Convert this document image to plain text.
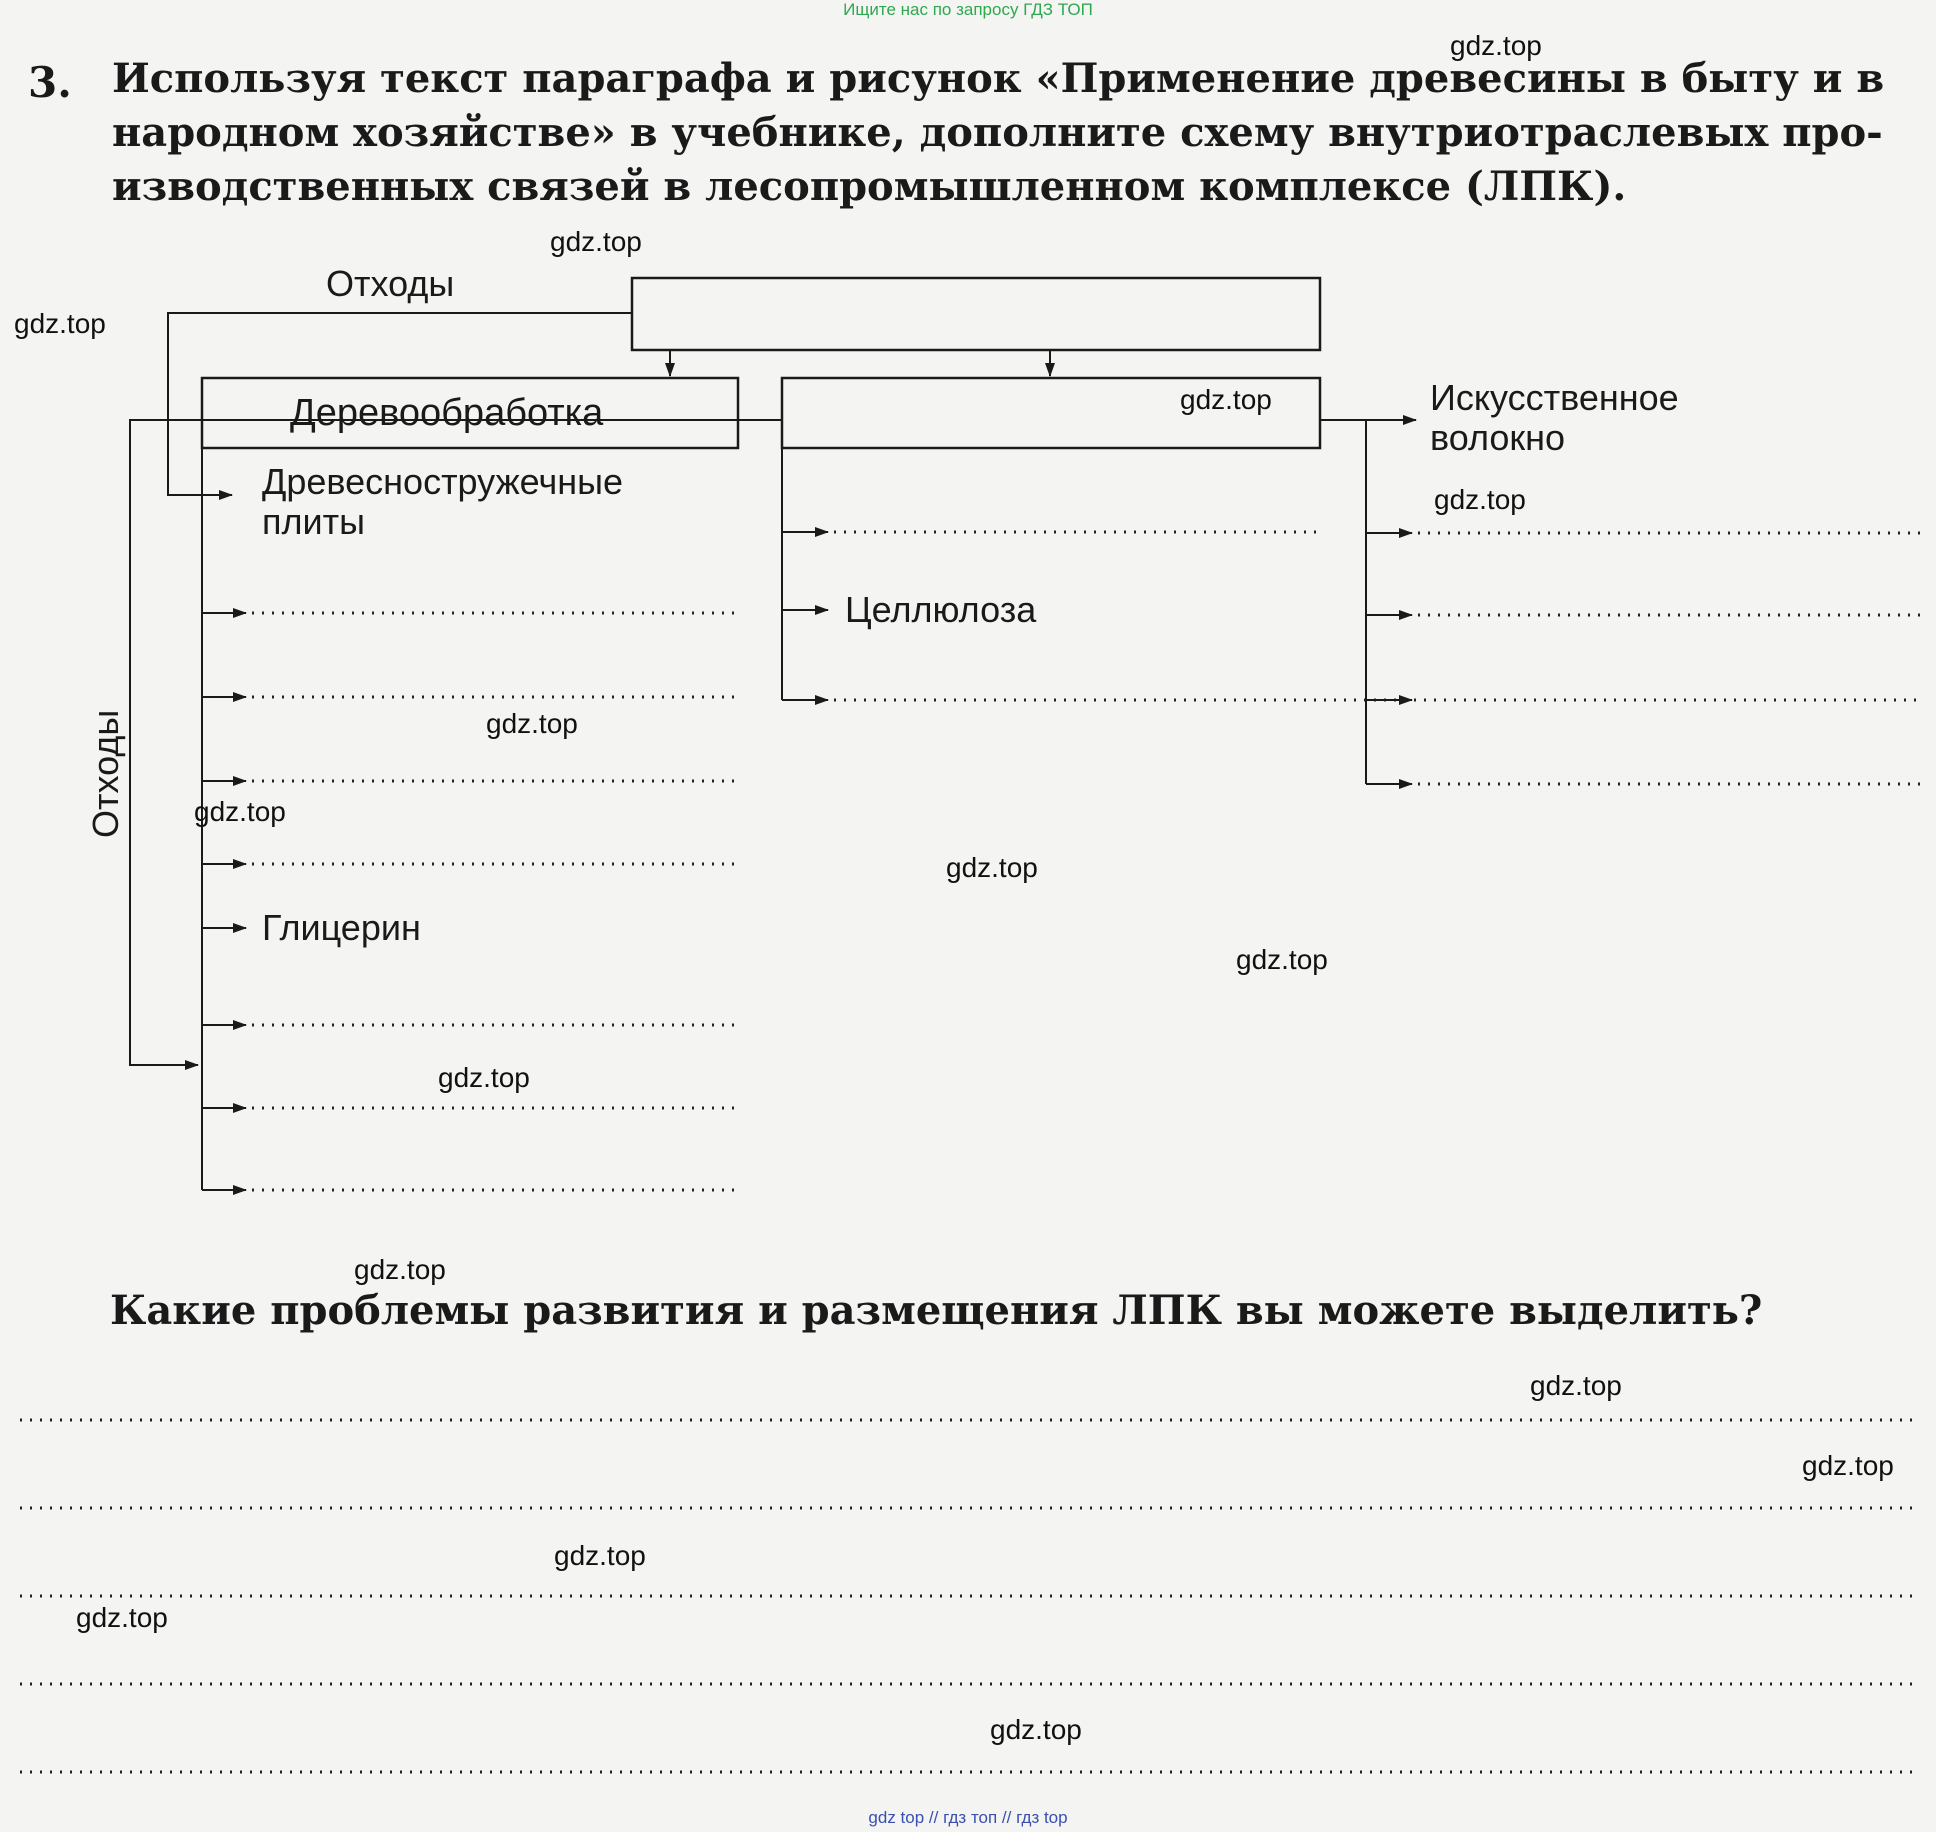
Ищите нас по запросу ГДЗ ТОП
3. Используя текст параграфа и рисунок «Применение древесины в быту и в
народном хозяйстве» в учебнике, дополните схему внутриотраслевых про-
изводственных связей в лесопромышленном комплексе (ЛПК).
Отходы
Деревообработка
Древесностружечные
плиты
Глицерин
Отходы
Целлюлоза
Искусственное
волокно
Какие проблемы развития и размещения ЛПК вы можете выделить?
gdz.top
gdz.top
gdz.top
gdz.top
gdz.top
gdz.top
gdz.top
gdz.top
gdz.top
gdz.top
gdz.top
gdz.top
gdz.top
gdz.top
gdz.top
gdz.top
gdz top // гдз топ // гдз top
